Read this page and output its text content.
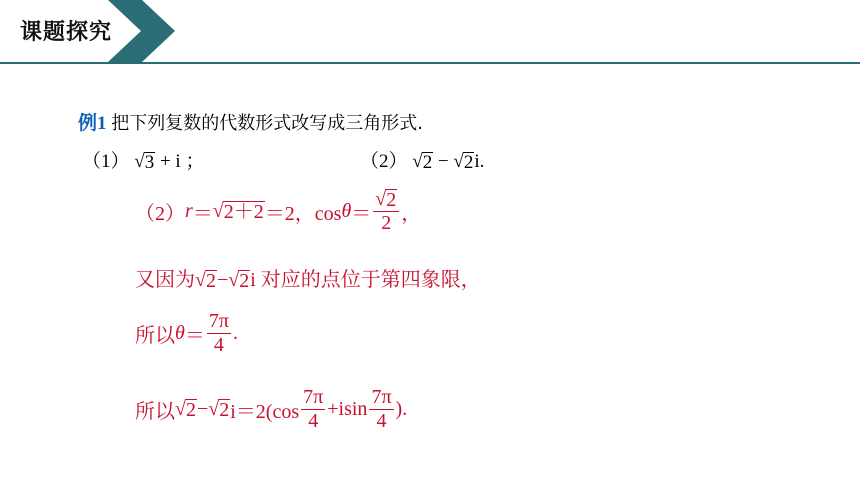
课题探究
例1 把下列复数的代数形式改写成三角形式.
（1） √ 3 + i ；	（2） √ 2 − √ 2 i.
（2） r ＝ √ 2＋2 ＝2，$\cos \theta = \frac{√ 2}{2}$ ，
又因为 √ 2 − √ 2 i 对应的点位于第四象限，
所以 $\theta = \frac{7\pi}{4}$ .
所以 √ 2 − √ 2 $i=2(\cos \frac{7\pi}{4} +isin \frac{7\pi}{4}$ ).
